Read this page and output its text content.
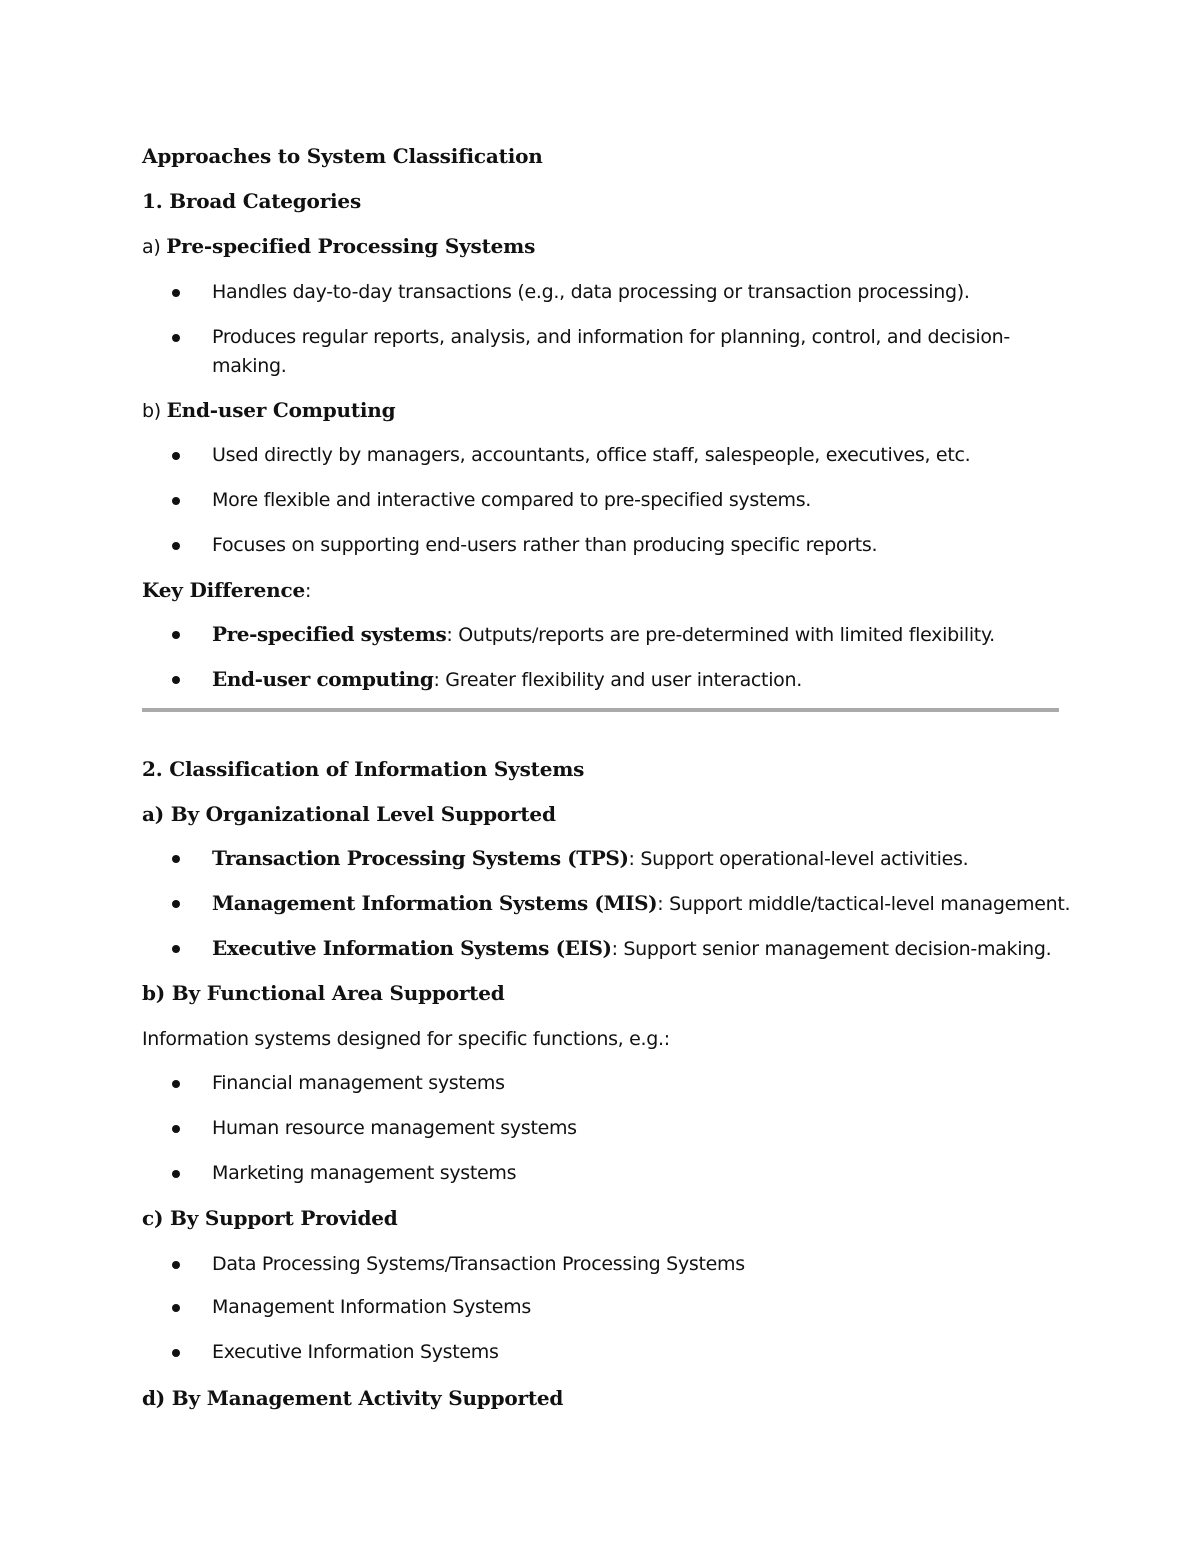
Approaches to System Classification

1. Broad Categories

a) Pre-specified Processing Systems

Handles day-to-day transactions (e.g., data processing or transaction processing).
Produces regular reports, analysis, and information for planning, control, and decision-
making.

b) End-user Computing

Used directly by managers, accountants, office staff, salespeople, executives, etc.
More flexible and interactive compared to pre-specified systems.
Focuses on supporting end-users rather than producing specific reports.

Key Difference:

Pre-specified systems: Outputs/reports are pre-determined with limited flexibility.
End-user computing: Greater flexibility and user interaction.

2. Classification of Information Systems

a) By Organizational Level Supported

Transaction Processing Systems (TPS): Support operational-level activities.
Management Information Systems (MIS): Support middle/tactical-level management.
Executive Information Systems (EIS): Support senior management decision-making.

b) By Functional Area Supported

Information systems designed for specific functions, e.g.:

Financial management systems
Human resource management systems
Marketing management systems

c) By Support Provided

Data Processing Systems/Transaction Processing Systems
Management Information Systems
Executive Information Systems

d) By Management Activity Supported
